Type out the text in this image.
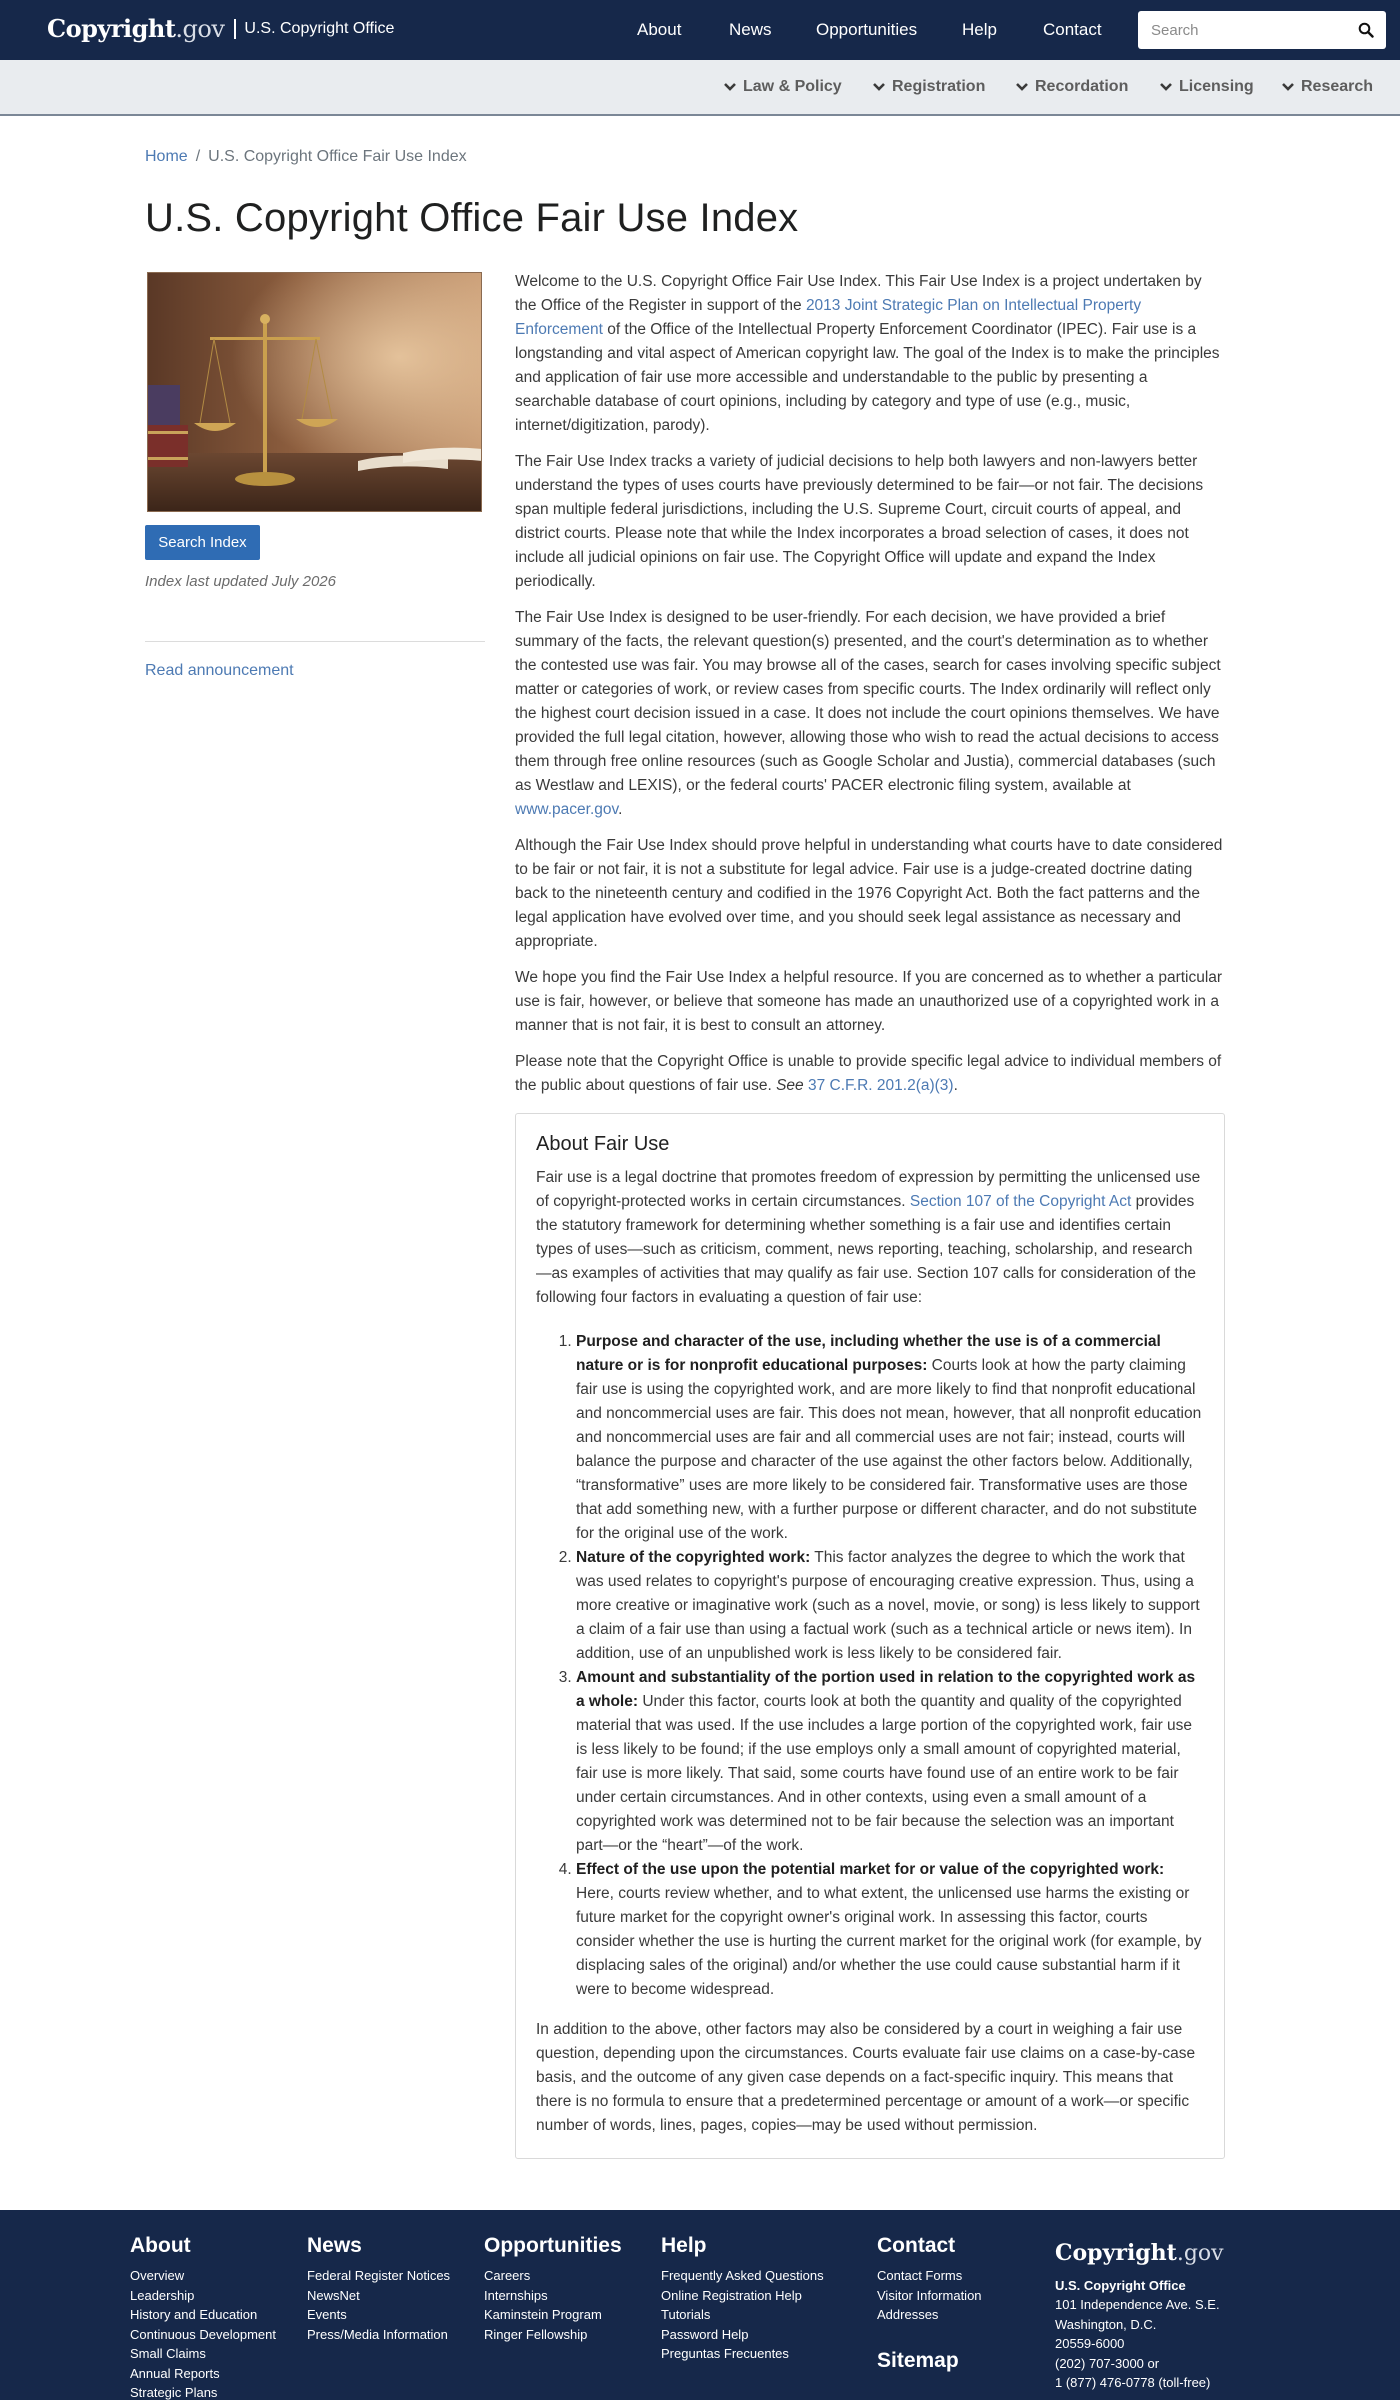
Copyright.gov U.S. Copyright Office	About	News	Opportunities	Help	Contact
Search
Law & Policy	Registration	Recordation	Licensing	Research
Home / U.S. Copyright Office Fair Use Index
U.S. Copyright Office Fair Use Index
Search Index
Index last updated July 2026
Read announcement

Welcome to the U.S. Copyright Office Fair Use Index. This Fair Use Index is a project undertaken by the Office of the Register in support of the 2013 Joint Strategic Plan on Intellectual Property Enforcement of the Office of the Intellectual Property Enforcement Coordinator (IPEC). Fair use is a longstanding and vital aspect of American copyright law. The goal of the Index is to make the principles and application of fair use more accessible and understandable to the public by presenting a searchable database of court opinions, including by category and type of use (e.g., music, internet/digitization, parody).

The Fair Use Index tracks a variety of judicial decisions to help both lawyers and non-lawyers better understand the types of uses courts have previously determined to be fair—or not fair. The decisions span multiple federal jurisdictions, including the U.S. Supreme Court, circuit courts of appeal, and district courts. Please note that while the Index incorporates a broad selection of cases, it does not include all judicial opinions on fair use. The Copyright Office will update and expand the Index periodically.

The Fair Use Index is designed to be user-friendly. For each decision, we have provided a brief summary of the facts, the relevant question(s) presented, and the court's determination as to whether the contested use was fair. You may browse all of the cases, search for cases involving specific subject matter or categories of work, or review cases from specific courts. The Index ordinarily will reflect only the highest court decision issued in a case. It does not include the court opinions themselves. We have provided the full legal citation, however, allowing those who wish to read the actual decisions to access them through free online resources (such as Google Scholar and Justia), commercial databases (such as Westlaw and LEXIS), or the federal courts' PACER electronic filing system, available at www.pacer.gov.

Although the Fair Use Index should prove helpful in understanding what courts have to date considered to be fair or not fair, it is not a substitute for legal advice. Fair use is a judge-created doctrine dating back to the nineteenth century and codified in the 1976 Copyright Act. Both the fact patterns and the legal application have evolved over time, and you should seek legal assistance as necessary and appropriate.

We hope you find the Fair Use Index a helpful resource. If you are concerned as to whether a particular use is fair, however, or believe that someone has made an unauthorized use of a copyrighted work in a manner that is not fair, it is best to consult an attorney.

Please note that the Copyright Office is unable to provide specific legal advice to individual members of the public about questions of fair use. See 37 C.F.R. 201.2(a)(3).

About Fair Use

Fair use is a legal doctrine that promotes freedom of expression by permitting the unlicensed use of copyright-protected works in certain circumstances. Section 107 of the Copyright Act provides the statutory framework for determining whether something is a fair use and identifies certain types of uses—such as criticism, comment, news reporting, teaching, scholarship, and research—as examples of activities that may qualify as fair use. Section 107 calls for consideration of the following four factors in evaluating a question of fair use:

1. Purpose and character of the use, including whether the use is of a commercial nature or is for nonprofit educational purposes: Courts look at how the party claiming fair use is using the copyrighted work, and are more likely to find that nonprofit educational and noncommercial uses are fair. This does not mean, however, that all nonprofit education and noncommercial uses are fair and all commercial uses are not fair; instead, courts will balance the purpose and character of the use against the other factors below. Additionally, “transformative” uses are more likely to be considered fair. Transformative uses are those that add something new, with a further purpose or different character, and do not substitute for the original use of the work.
2. Nature of the copyrighted work: This factor analyzes the degree to which the work that was used relates to copyright's purpose of encouraging creative expression. Thus, using a more creative or imaginative work (such as a novel, movie, or song) is less likely to support a claim of a fair use than using a factual work (such as a technical article or news item). In addition, use of an unpublished work is less likely to be considered fair.
3. Amount and substantiality of the portion used in relation to the copyrighted work as a whole: Under this factor, courts look at both the quantity and quality of the copyrighted material that was used. If the use includes a large portion of the copyrighted work, fair use is less likely to be found; if the use employs only a small amount of copyrighted material, fair use is more likely. That said, some courts have found use of an entire work to be fair under certain circumstances. And in other contexts, using even a small amount of a copyrighted work was determined not to be fair because the selection was an important part—or the “heart”—of the work.
4. Effect of the use upon the potential market for or value of the copyrighted work: Here, courts review whether, and to what extent, the unlicensed use harms the existing or future market for the copyright owner's original work. In assessing this factor, courts consider whether the use is hurting the current market for the original work (for example, by displacing sales of the original) and/or whether the use could cause substantial harm if it were to become widespread.

In addition to the above, other factors may also be considered by a court in weighing a fair use question, depending upon the circumstances. Courts evaluate fair use claims on a case-by-case basis, and the outcome of any given case depends on a fact-specific inquiry. This means that there is no formula to ensure that a predetermined percentage or amount of a work—or specific number of words, lines, pages, copies—may be used without permission.

About
Overview
Leadership
History and Education
Continuous Development
Small Claims
Annual Reports
Strategic Plans
News
Federal Register Notices
NewsNet
Events
Press/Media Information
Opportunities
Careers
Internships
Kaminstein Program
Ringer Fellowship
Help
Frequently Asked Questions
Online Registration Help
Tutorials
Password Help
Preguntas Frecuentes
Contact
Contact Forms
Visitor Information
Addresses
Sitemap
Copyright.gov
U.S. Copyright Office
101 Independence Ave. S.E.
Washington, D.C.
20559-6000
(202) 707-3000 or
1 (877) 476-0778 (toll-free)
